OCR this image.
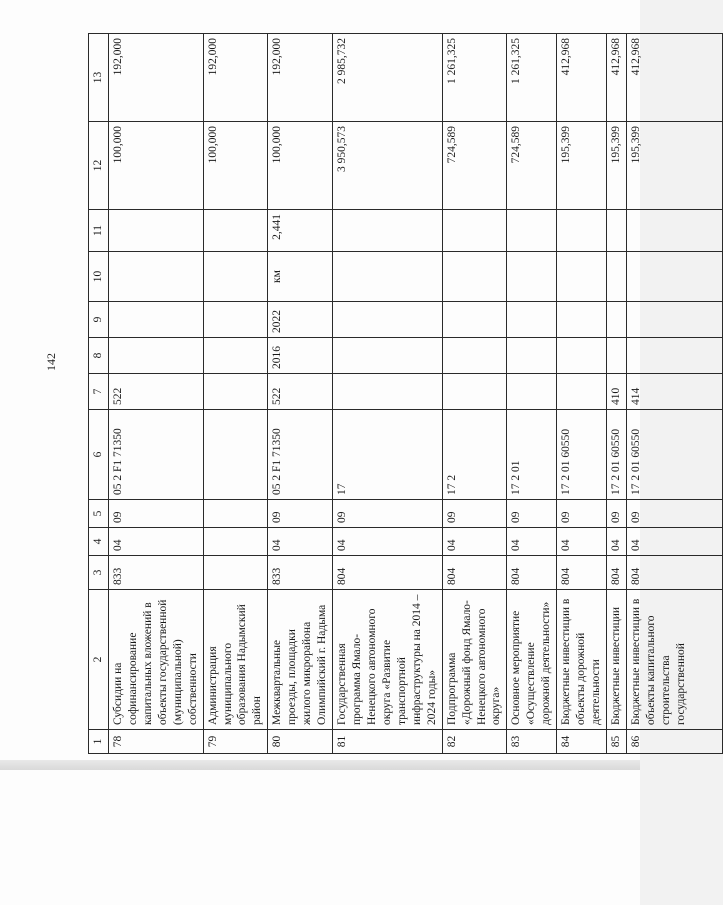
142
1	2	3	4	5	6	7	8	9	10	11	12	13
78	Субсидии на софинансирование капитальных вложений в объекты государственной (муниципальной) собственности	833	04	09	05 2 F1 71350	522					100,000	192,000
79	Администрация муниципального образования Надымский район										100,000	192,000
80	Межквартальные проезды, площадки жилого микрорайона Олимпийский г. Надыма	833	04	09	05 2 F1 71350	522	2016	2022	км	2,441	100,000	192,000
81	Государственная программа Ямало-Ненецкого автономного округа «Развитие транспортной инфраструктуры на 2014 – 2024 годы»	804	04	09	17						3 950,573	2 985,732
82	Подпрограмма «Дорожный фонд Ямало-Ненецкого автономного округа»	804	04	09	17 2						724,589	1 261,325
83	Основное мероприятие «Осуществление дорожной деятельности»	804	04	09	17 2 01						724,589	1 261,325
84	Бюджетные инвестиции в объекты дорожной деятельности	804	04	09	17 2 01 60550						195,399	412,968
85	Бюджетные инвестиции	804	04	09	17 2 01 60550	410					195,399	412,968
86	Бюджетные инвестиции в объекты капитального строительства государственной	804	04	09	17 2 01 60550	414					195,399	412,968
